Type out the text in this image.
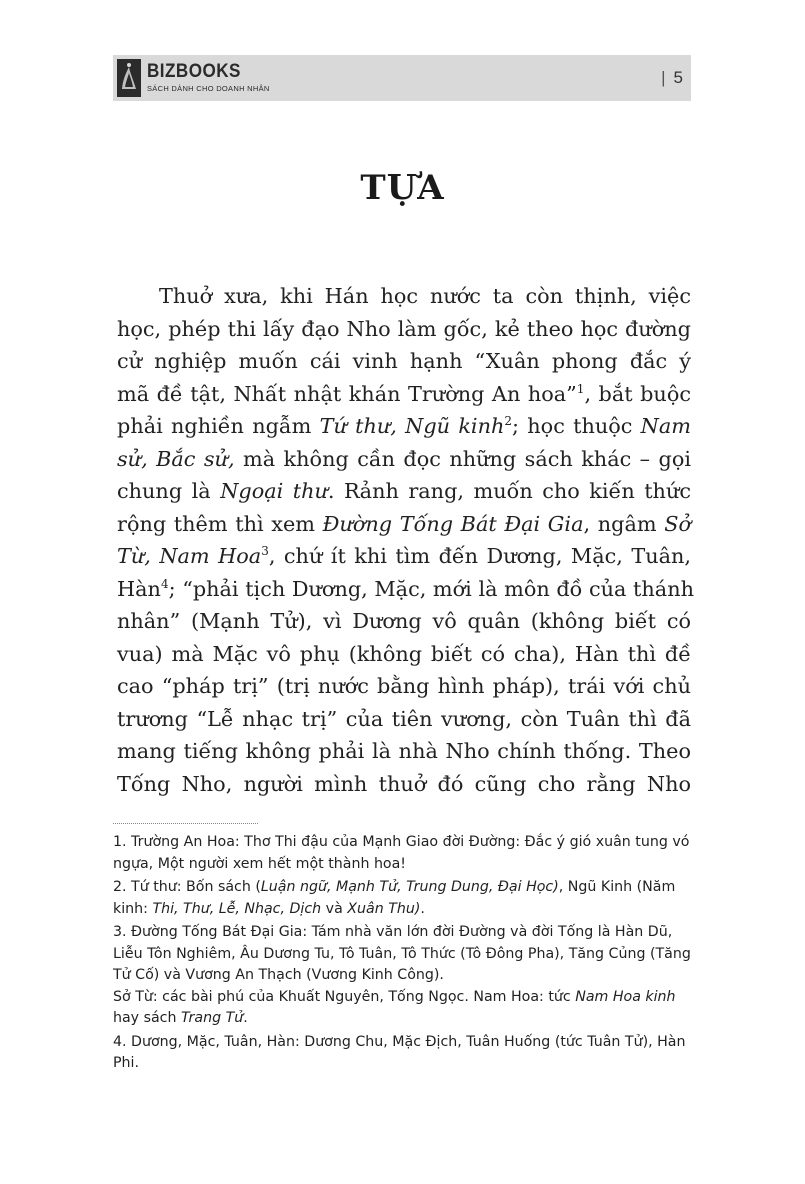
BIZBOOKS
SÁCH DÀNH CHO DOANH NHÂN
| 5
TỰA
Thuở xưa, khi Hán học nước ta còn thịnh, việc
học, phép thi lấy đạo Nho làm gốc, kẻ theo học đường
cử nghiệp muốn cái vinh hạnh “Xuân phong đắc ý
mã đề tật, Nhất nhật khán Trường An hoa”$^1$, bắt buộc
phải nghiền ngẫm Tứ thư, Ngũ kinh$^2$; học thuộc Nam
sử, Bắc sử, mà không cần đọc những sách khác – gọi
chung là Ngoại thư. Rảnh rang, muốn cho kiến thức
rộng thêm thì xem Đường Tống Bát Đại Gia, ngâm Sở
Từ, Nam Hoa$^3$, chứ ít khi tìm đến Dương, Mặc, Tuân,
Hàn$^4$; “phải tịch Dương, Mặc, mới là môn đồ của thánh
nhân” (Mạnh Tử), vì Dương vô quân (không biết có
vua) mà Mặc vô phụ (không biết có cha), Hàn thì đề
cao “pháp trị” (trị nước bằng hình pháp), trái với chủ
trương “Lễ nhạc trị” của tiên vương, còn Tuân thì đã
mang tiếng không phải là nhà Nho chính thống. Theo
Tống Nho, người mình thuở đó cũng cho rằng Nho

1. Trường An Hoa: Thơ Thi đậu của Mạnh Giao đời Đường: Đắc ý gió xuân tung vó ngựa, Một người xem hết một thành hoa!

2. Tứ thư: Bốn sách (Luận ngữ, Mạnh Tử, Trung Dung, Đại Học), Ngũ Kinh (Năm kinh: Thi, Thư, Lễ, Nhạc, Dịch và Xuân Thu).

3. Đường Tống Bát Đại Gia: Tám nhà văn lớn đời Đường và đời Tống là Hàn Dũ, Liễu Tôn Nghiêm, Âu Dương Tu, Tô Tuân, Tô Thức (Tô Đông Pha), Tăng Củng (Tăng Tử Cố) và Vương An Thạch (Vương Kinh Công).

Sở Từ: các bài phú của Khuất Nguyên, Tống Ngọc. Nam Hoa: tức Nam Hoa kinh hay sách Trang Tử.

4. Dương, Mặc, Tuân, Hàn: Dương Chu, Mặc Địch, Tuân Huống (tức Tuân Tử), Hàn Phi.
